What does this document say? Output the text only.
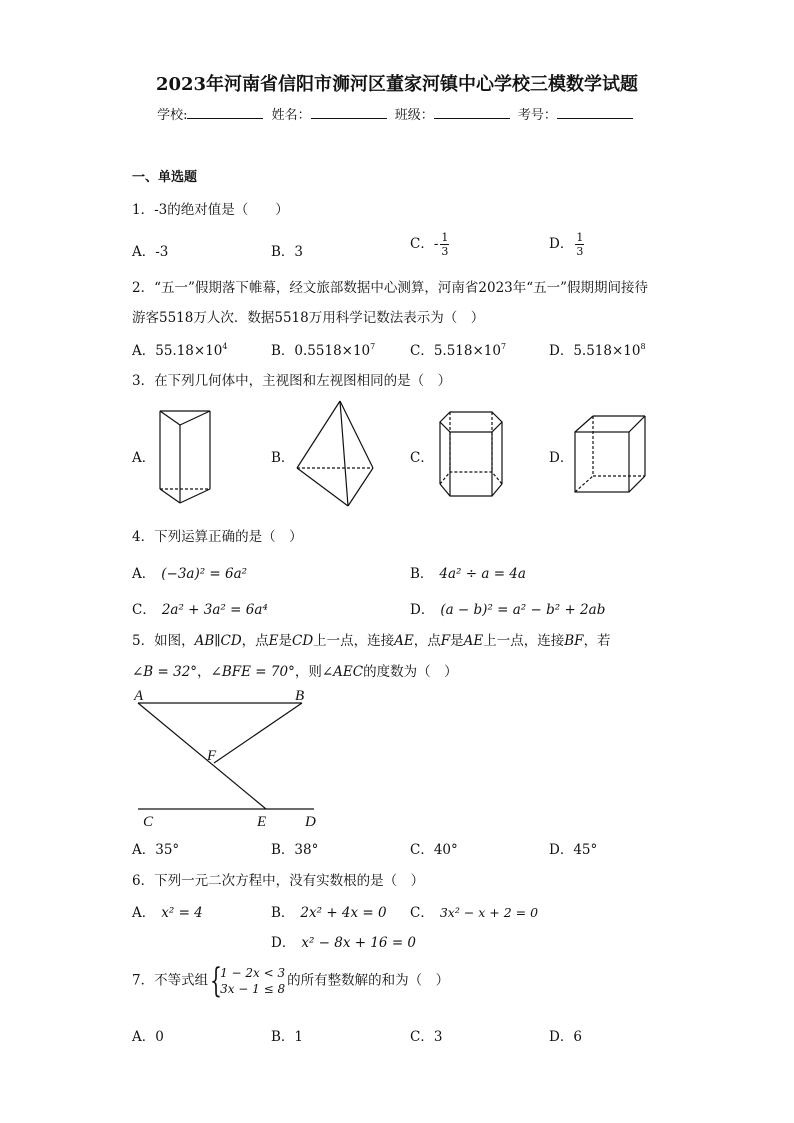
2023年河南省信阳市浉河区董家河镇中心学校三模数学试题
学校:	姓名：	班级：	考号：
一、单选题
1．-3的绝对值是（　　）
A．-3	B．3	C．- $\frac{1}{3}$	D． $\frac{1}{3}$
2．“五一”假期落下帷幕，经文旅部数据中心测算，河南省2023年“五一”假期期间接待
游客5518万人次．数据5518万用科学记数法表示为（　）
A．$55.18\times 10^4$	B．$0.5518\times 10^7$	C．$5.518\times 10^7$	D．$5.518\times 10^8$
3．在下列几何体中，主视图和左视图相同的是（　）
A．	B．	C．	D．
4．下列运算正确的是（　）
A． (−3a)² = 6a²	B． 4a² ÷ a = 4a
C． 2a² + 3a² = 6a⁴	D． (a − b)² = a² − b² + 2ab
5．如图，AB∥CD，点E是CD上一点，连接AE，点F是AE上一点，连接BF，若
∠B = 32°，∠BFE = 70°，则∠AEC的度数为（　）
A	B
F
C	E	D
A．35°	B．38°	C．40°	D．45°
6．下列一元二次方程中，没有实数根的是（　）
A． x² = 4	B． 2x² + 4x = 0 C． 3x² − x + 2 = 0
D． x² − 8x + 16 = 0
7．不等式组 {
1 − 2x < 3
3x − 1 ≤ 8
的所有整数解的和为（　）
A．0	B．1	C．3	D．6
